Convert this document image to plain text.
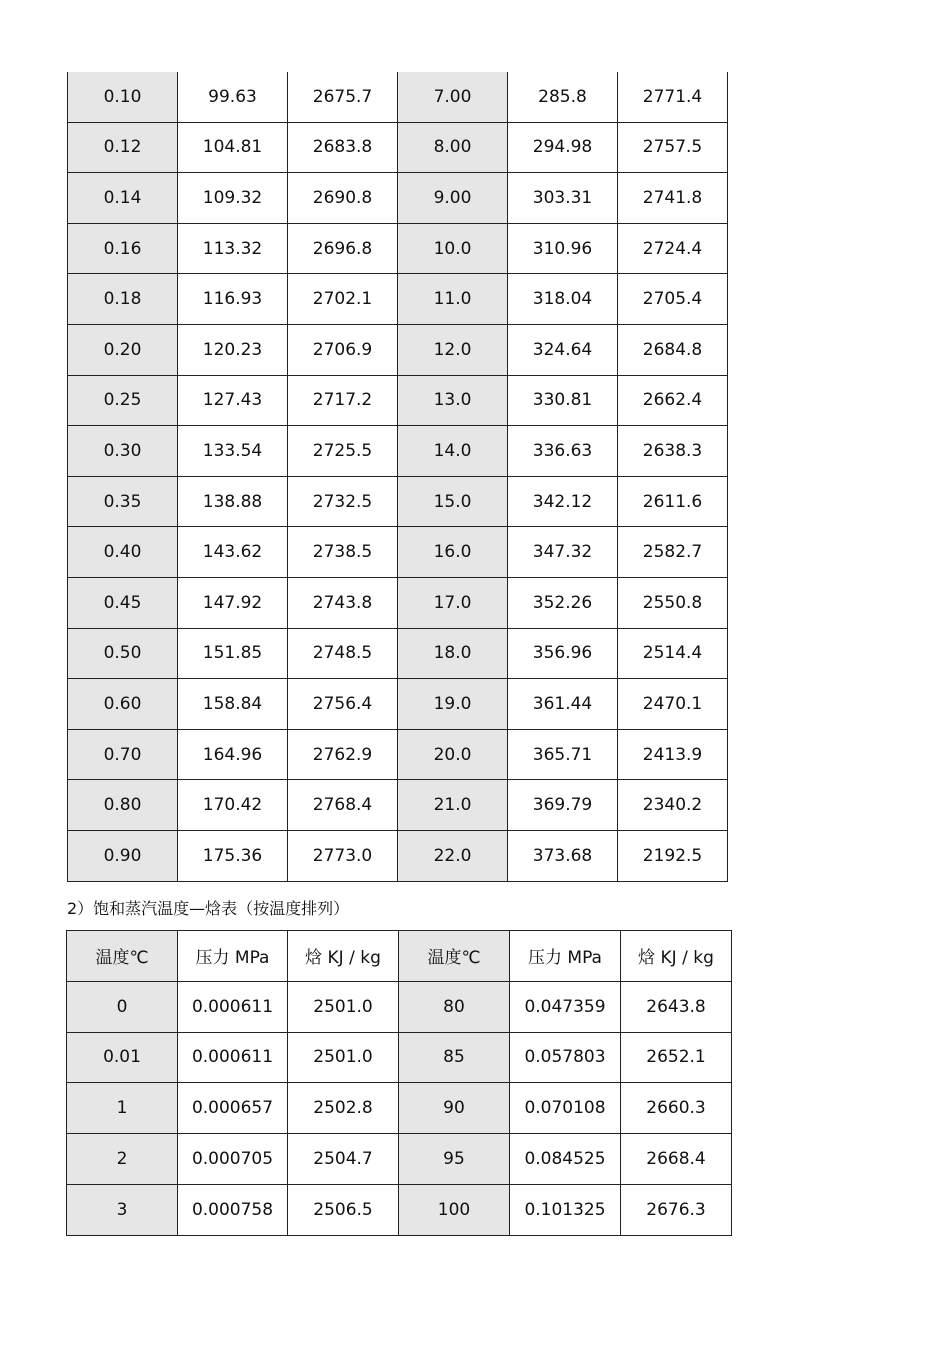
0.10	99.63	2675.7	7.00	285.8	2771.4
0.12	104.81	2683.8	8.00	294.98	2757.5
0.14	109.32	2690.8	9.00	303.31	2741.8
0.16	113.32	2696.8	10.0	310.96	2724.4
0.18	116.93	2702.1	11.0	318.04	2705.4
0.20	120.23	2706.9	12.0	324.64	2684.8
0.25	127.43	2717.2	13.0	330.81	2662.4
0.30	133.54	2725.5	14.0	336.63	2638.3
0.35	138.88	2732.5	15.0	342.12	2611.6
0.40	143.62	2738.5	16.0	347.32	2582.7
0.45	147.92	2743.8	17.0	352.26	2550.8
0.50	151.85	2748.5	18.0	356.96	2514.4
0.60	158.84	2756.4	19.0	361.44	2470.1
0.70	164.96	2762.9	20.0	365.71	2413.9
0.80	170.42	2768.4	21.0	369.79	2340.2
0.90	175.36	2773.0	22.0	373.68	2192.5
2）饱和蒸汽温度—焓表（按温度排列）
温度℃	压力 MPa	焓 KJ / kg	温度℃	压力 MPa	焓 KJ / kg
0	0.000611	2501.0	80	0.047359	2643.8
0.01	0.000611	2501.0	85	0.057803	2652.1
1	0.000657	2502.8	90	0.070108	2660.3
2	0.000705	2504.7	95	0.084525	2668.4
3	0.000758	2506.5	100	0.101325	2676.3
